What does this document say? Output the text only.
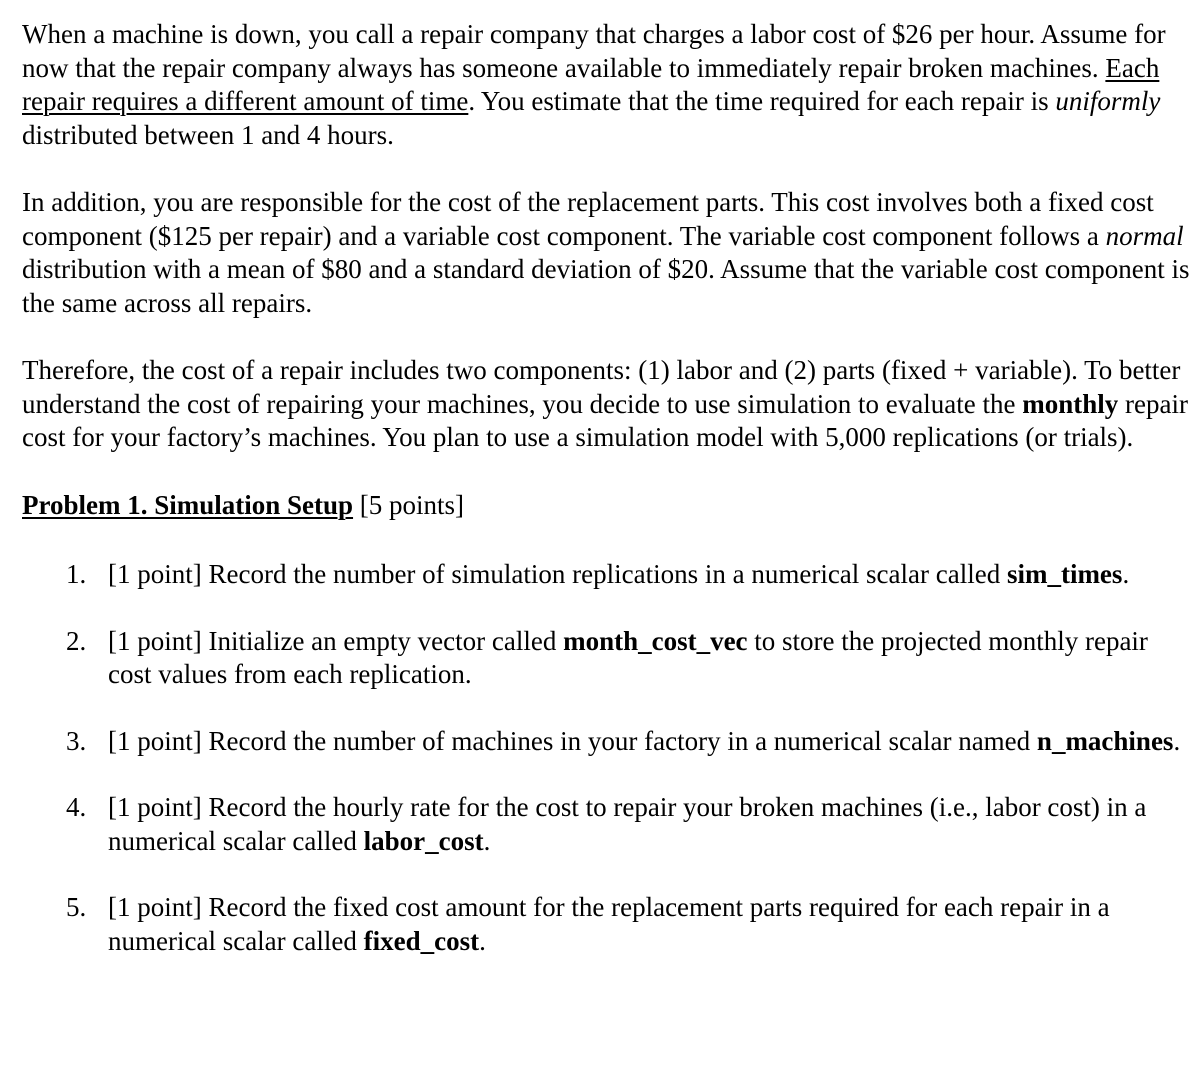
When a machine is down, you call a repair company that charges a labor cost of $26 per hour. Assume for now that the repair company always has someone available to immediately repair broken machines. Each repair requires a different amount of time. You estimate that the time required for each repair is uniformly distributed between 1 and 4 hours.

In addition, you are responsible for the cost of the replacement parts. This cost involves both a fixed cost component ($125 per repair) and a variable cost component. The variable cost component follows a normal distribution with a mean of $80 and a standard deviation of $20. Assume that the variable cost component is the same across all repairs.

Therefore, the cost of a repair includes two components: (1) labor and (2) parts (fixed + variable). To better understand the cost of repairing your machines, you decide to use simulation to evaluate the monthly repair cost for your factory’s machines. You plan to use a simulation model with 5,000 replications (or trials).

Problem 1. Simulation Setup [5 points]

1. [1 point] Record the number of simulation replications in a numerical scalar called sim_times.
2. [1 point] Initialize an empty vector called month_cost_vec to store the projected monthly repair cost values from each replication.
3. [1 point] Record the number of machines in your factory in a numerical scalar named n_machines.
4. [1 point] Record the hourly rate for the cost to repair your broken machines (i.e., labor cost) in a numerical scalar called labor_cost.
5. [1 point] Record the fixed cost amount for the replacement parts required for each repair in a numerical scalar called fixed_cost.
